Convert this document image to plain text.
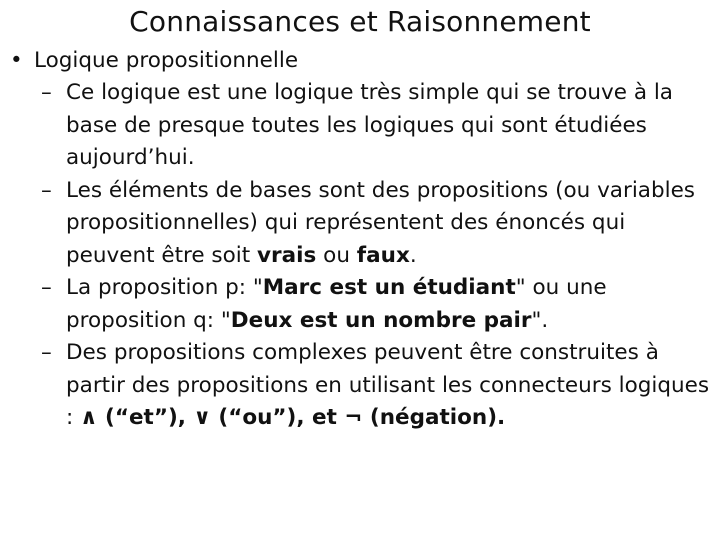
Connaissances et Raisonnement
• Logique propositionnelle
– Ce logique est une logique très simple qui se trouve à la base de presque toutes les logiques qui sont étudiées aujourd’hui.
– Les éléments de bases sont des propositions (ou variables propositionnelles) qui représentent des énoncés qui peuvent être soit vrais ou faux.
– La proposition p: "Marc est un étudiant" ou une proposition q: "Deux est un nombre pair".
– Des propositions complexes peuvent être construites à partir des propositions en utilisant les connecteurs logiques : ∧ (“et”), ∨ (“ou”), et ¬ (négation).
